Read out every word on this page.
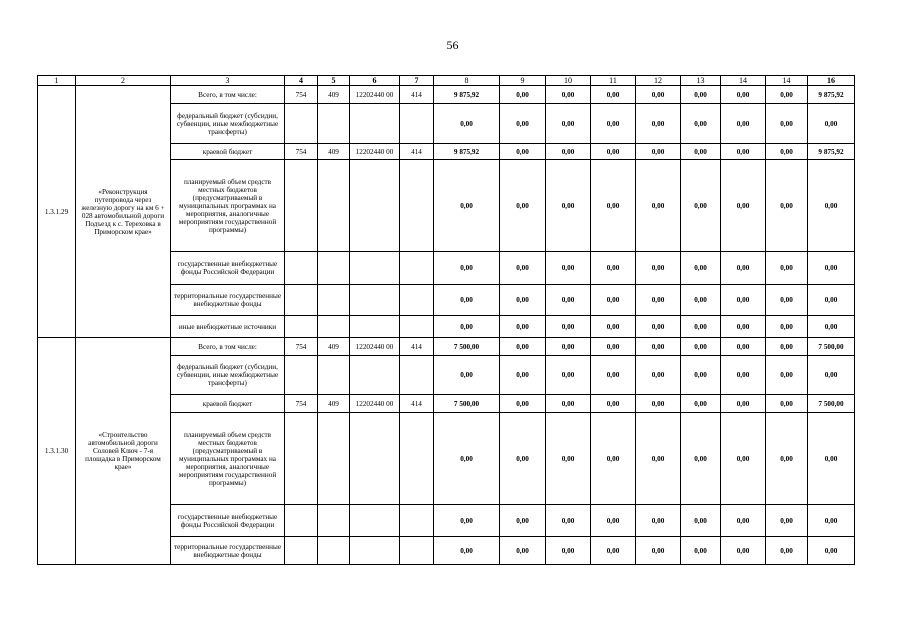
56
1	2	3	4	5	6	7	8	9	10	11	12	13	14	14	16
1.3.1.29	«Реконструкция путепровода через железную дорогу на км 6 + 028 автомобильной дороги Подъезд к с. Тереховка в Приморском крае»	Всего, в том числе:	754	409	12202440 00	414	9 875,92	0,00	0,00	0,00	0,00	0,00	0,00	0,00	9 875,92
		федеральный бюджет (субсидии, субвенции, иные межбюджетные трансферты)					0,00	0,00	0,00	0,00	0,00	0,00	0,00	0,00	0,00
		краевой бюджет	754	409	12202440 00	414	9 875,92	0,00	0,00	0,00	0,00	0,00	0,00	0,00	9 875,92
		планируемый объем средств местных бюджетов (предусматриваемый в муниципальных программах на мероприятия, аналогичные мероприятиям государственной программы)					0,00	0,00	0,00	0,00	0,00	0,00	0,00	0,00	0,00
		государственные внебюджетные фонды Российской Федерации					0,00	0,00	0,00	0,00	0,00	0,00	0,00	0,00	0,00
		территориальные государственные внебюджетные фонды					0,00	0,00	0,00	0,00	0,00	0,00	0,00	0,00	0,00
		иные внебюджетные источники					0,00	0,00	0,00	0,00	0,00	0,00	0,00	0,00	0,00
1.3.1.30	«Строительство автомобильной дороги Соловей Ключ - 7-я площадка в Приморском крае»	Всего, в том числе:	754	409	12202440 00	414	7 500,00	0,00	0,00	0,00	0,00	0,00	0,00	0,00	7 500,00
		федеральный бюджет (субсидии, субвенции, иные межбюджетные трансферты)					0,00	0,00	0,00	0,00	0,00	0,00	0,00	0,00	0,00
		краевой бюджет	754	409	12202440 00	414	7 500,00	0,00	0,00	0,00	0,00	0,00	0,00	0,00	7 500,00
		планируемый объем средств местных бюджетов (предусматриваемый в муниципальных программах на мероприятия, аналогичные мероприятиям государственной программы)					0,00	0,00	0,00	0,00	0,00	0,00	0,00	0,00	0,00
		государственные внебюджетные фонды Российской Федерации					0,00	0,00	0,00	0,00	0,00	0,00	0,00	0,00	0,00
		территориальные государственные внебюджетные фонды					0,00	0,00	0,00	0,00	0,00	0,00	0,00	0,00	0,00
